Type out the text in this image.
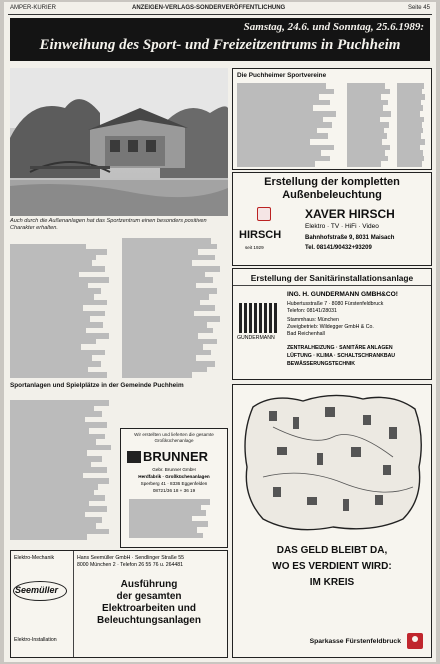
AMPER-KURIER	ANZEIGEN-VERLAGS-SONDERVERÖFFENTLICHUNG	Seite 45
Samstag, 24.6. und Sonntag, 25.6.1989:
Einweihung des Sport- und Freizeitzentrums in Puchheim
Auch durch die Außenanlagen hat das Sportzentrum einen besonders positiven Charakter erhalten.
Sportanlagen und Spielplätze in der Gemeinde Puchheim
Wir erstellten und lieferten die gesamte Großküchenanlage
BRUNNER
Gebr. Brunner GmbH
Herdfabrik · Großküchenanlagen
Sperberg 41 · 8336 Eggenfelden
08721/36 18 + 36 19
Elektro-Mechanik
Seemüller
Elektro-Installation
Hans Seemüller GmbH · Sendlinger Straße 55
8000 München 2 · Telefon 26 55 76 u. 264481
Ausführung
der gesamten
Elektroarbeiten und
Beleuchtungsanlagen
Die Puchheimer Sportvereine
Erstellung der kompletten Außenbeleuchtung
HIRSCH
seit 1929
XAVER HIRSCH
Elektro · TV · HiFi · Video
Bahnhofstraße 9, 8031 Maisach
Tel. 08141/90432+93209
Erstellung der Sanitärinstallationsanlage
GUNDERMANN
ING. H. GUNDERMANN GMBH&CO!
Hubertusstraße 7 · 8080 Fürstenfeldbruck
Telefon: 08141/28031
Stammhaus: München
Zweigbetrieb: Wildegger GmbH & Co.
Bad Reichenhall
ZENTRALHEIZUNG · SANITÄRE ANLAGEN
LÜFTUNG · KLIMA · SCHALTSCHRANKBAU
BEWÄSSERUNGSTECHNIK
DAS GELD BLEIBT DA,
WO ES VERDIENT WIRD:
IM KREIS
Sparkasse Fürstenfeldbruck
